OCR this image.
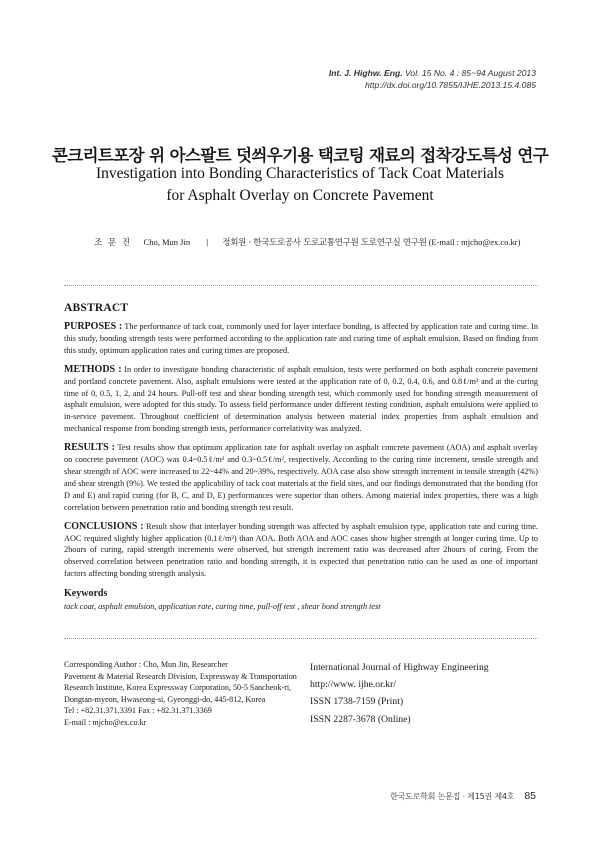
Int. J. Highw. Eng. Vol. 15 No. 4 : 85~94 August 2013
http://dx.doi.org/10.7855/IJHE.2013.15.4.085
콘크리트포장 위 아스팔트 덧씌우기용 택코팅 재료의 접착강도특성 연구
Investigation into Bonding Characteristics of Tack Coat Materials
for Asphalt Overlay on Concrete Pavement
조 문 진 Cho, Mun Jin | 정회원 · 한국도로공사 도로교통연구원 도로연구실 연구원 (E-mail : mjcho@ex.co.kr)
ABSTRACT

PURPOSES : The performance of tack coat, commonly used for layer interface bonding, is affected by application rate and curing time. In this study, bonding strength tests were performed according to the application rate and curing time of asphalt emulsion. Based on finding from this study, optimum application rates and curing times are proposed.

METHODS : In order to investigate bonding characteristic of asphalt emulsion, tests were performed on both asphalt concrete pavement and portland concrete pavement. Also, asphalt emulsions were tested at the application rate of 0, 0.2, 0.4, 0.6, and 0.8ℓ/m² and at the curing time of 0, 0.5, 1, 2, and 24 hours. Pull-off test and shear bonding strength test, which commonly used for bonding strength measurement of asphalt emulsion, were adopted for this study. To assess field performance under different testing condition, asphalt emulsions were applied to in-service pavement. Throughout coefficient of determination analysis between material index properties from asphalt emulsion and mechanical response from bonding strength tests, performance correlativity was analyzed.

RESULTS : Test results show that optimum application rate for asphalt overlay on asphalt concrete pavement (AOA) and asphalt overlay on concrete pavement (AOC) was 0.4~0.5ℓ/m² and 0.3~0.5ℓ/m², respectively. According to the curing time increment, tensile strength and shear strength of AOC were increased to 22~44% and 20~39%, respectively. AOA case also show strength increment in tensile strength (42%) and shear strength (9%). We tested the applicability of tack coat materials at the field sites, and our findings demonstrated that the bonding (for D and E) and rapid curing (for B, C, and D, E) performances were superior than others. Among material index properties, there was a high correlation between penetration ratio and bonding strength test result.

CONCLUSIONS : Result show that interlayer bonding strength was affected by asphalt emulsion type, application rate and curing time. AOC required slightly higher application (0.1ℓ/m²) than AOA. Both AOA and AOC cases show higher strength at longer curing time. Up to 2hours of curing, rapid strength increments were observed, but strength increment ratio was decreased after 2hours of curing. From the observed correlation between penetration ratio and bonding strength, it is expected that penetration ratio can be used as one of important factors affecting bonding strength analysis.

Keywords
tack coat, asphalt emulsion, application rate, curing time, pull-off test , shear bond strength test
Corresponding Author : Cho, Mun Jin, Researcher
Pavement & Material Research Division, Expressway & Transportation
Research Institute, Korea Expressway Corporation, 50-5 Sancheok-ri,
Dongtan-myeon, Hwaseong-si, Gyeonggi-do, 445-812, Korea
Tel : +82.31.371.3391 Fax : +82.31.371.3369
E-mail : mjcho@ex.co.kr
International Journal of Highway Engineering
http://www. ijhe.or.kr/
ISSN 1738-7159 (Print)
ISSN 2287-3678 (Online)
한국도로학회 논문집 · 제15권 제4호 85
